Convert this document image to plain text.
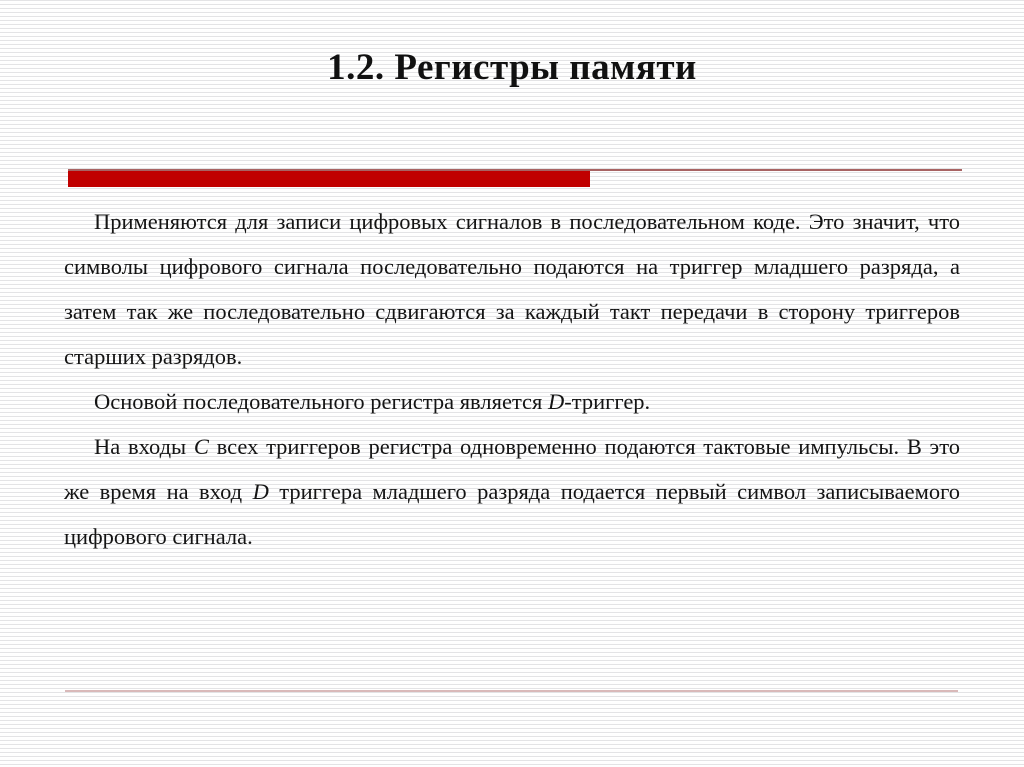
1.2. Регистры памяти

Применяются для записи цифровых сигналов в последовательном коде. Это значит, что символы цифрового сигнала последовательно подаются на триггер младшего разряда, а затем так же последовательно сдвигаются за каждый такт передачи в сторону триггеров старших разрядов.

Основой последовательного регистра является D-триггер.

На входы C всех триггеров регистра одновременно подаются тактовые импульсы. В это же время на вход D триггера младшего разряда подается первый символ записываемого цифрового сигнала.
